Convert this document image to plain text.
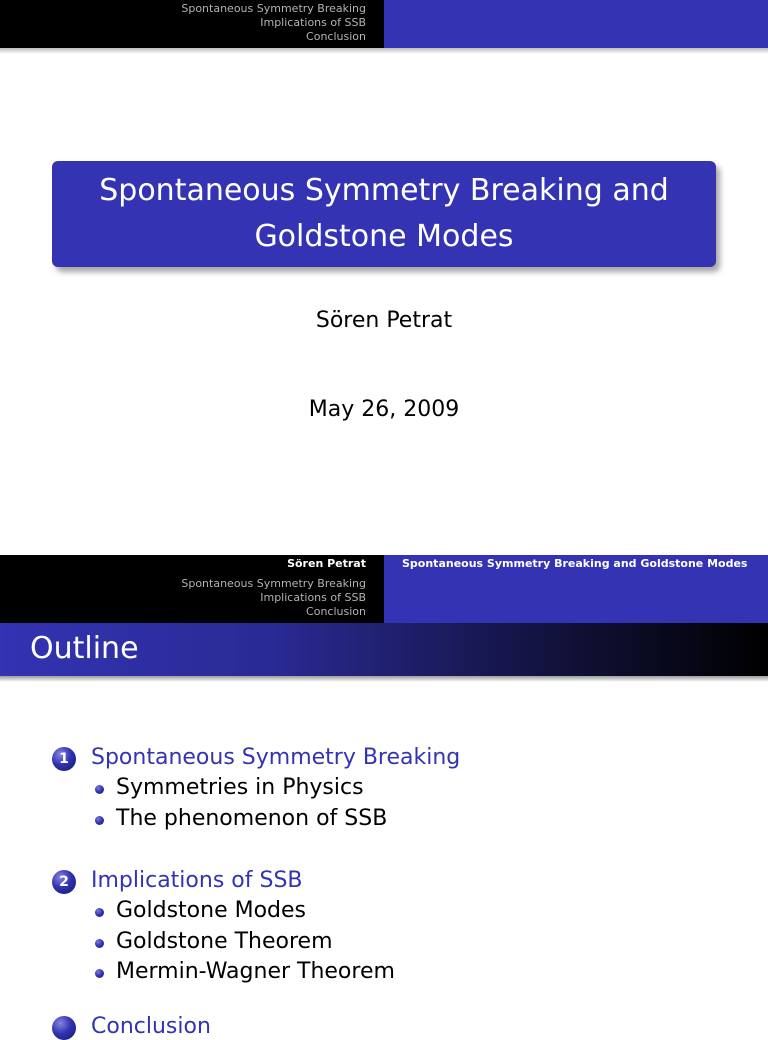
Spontaneous Symmetry Breaking
Implications of SSB
Conclusion
Spontaneous Symmetry Breaking and Goldstone Modes
Sören Petrat
May 26, 2009
Sören Petrat
Spontaneous Symmetry Breaking
Implications of SSB
Conclusion
Spontaneous Symmetry Breaking and Goldstone Modes
Outline
1	Spontaneous Symmetry Breaking
Symmetries in Physics
The phenomenon of SSB
2	Implications of SSB
Goldstone Modes
Goldstone Theorem
Mermin-Wagner Theorem
Conclusion
